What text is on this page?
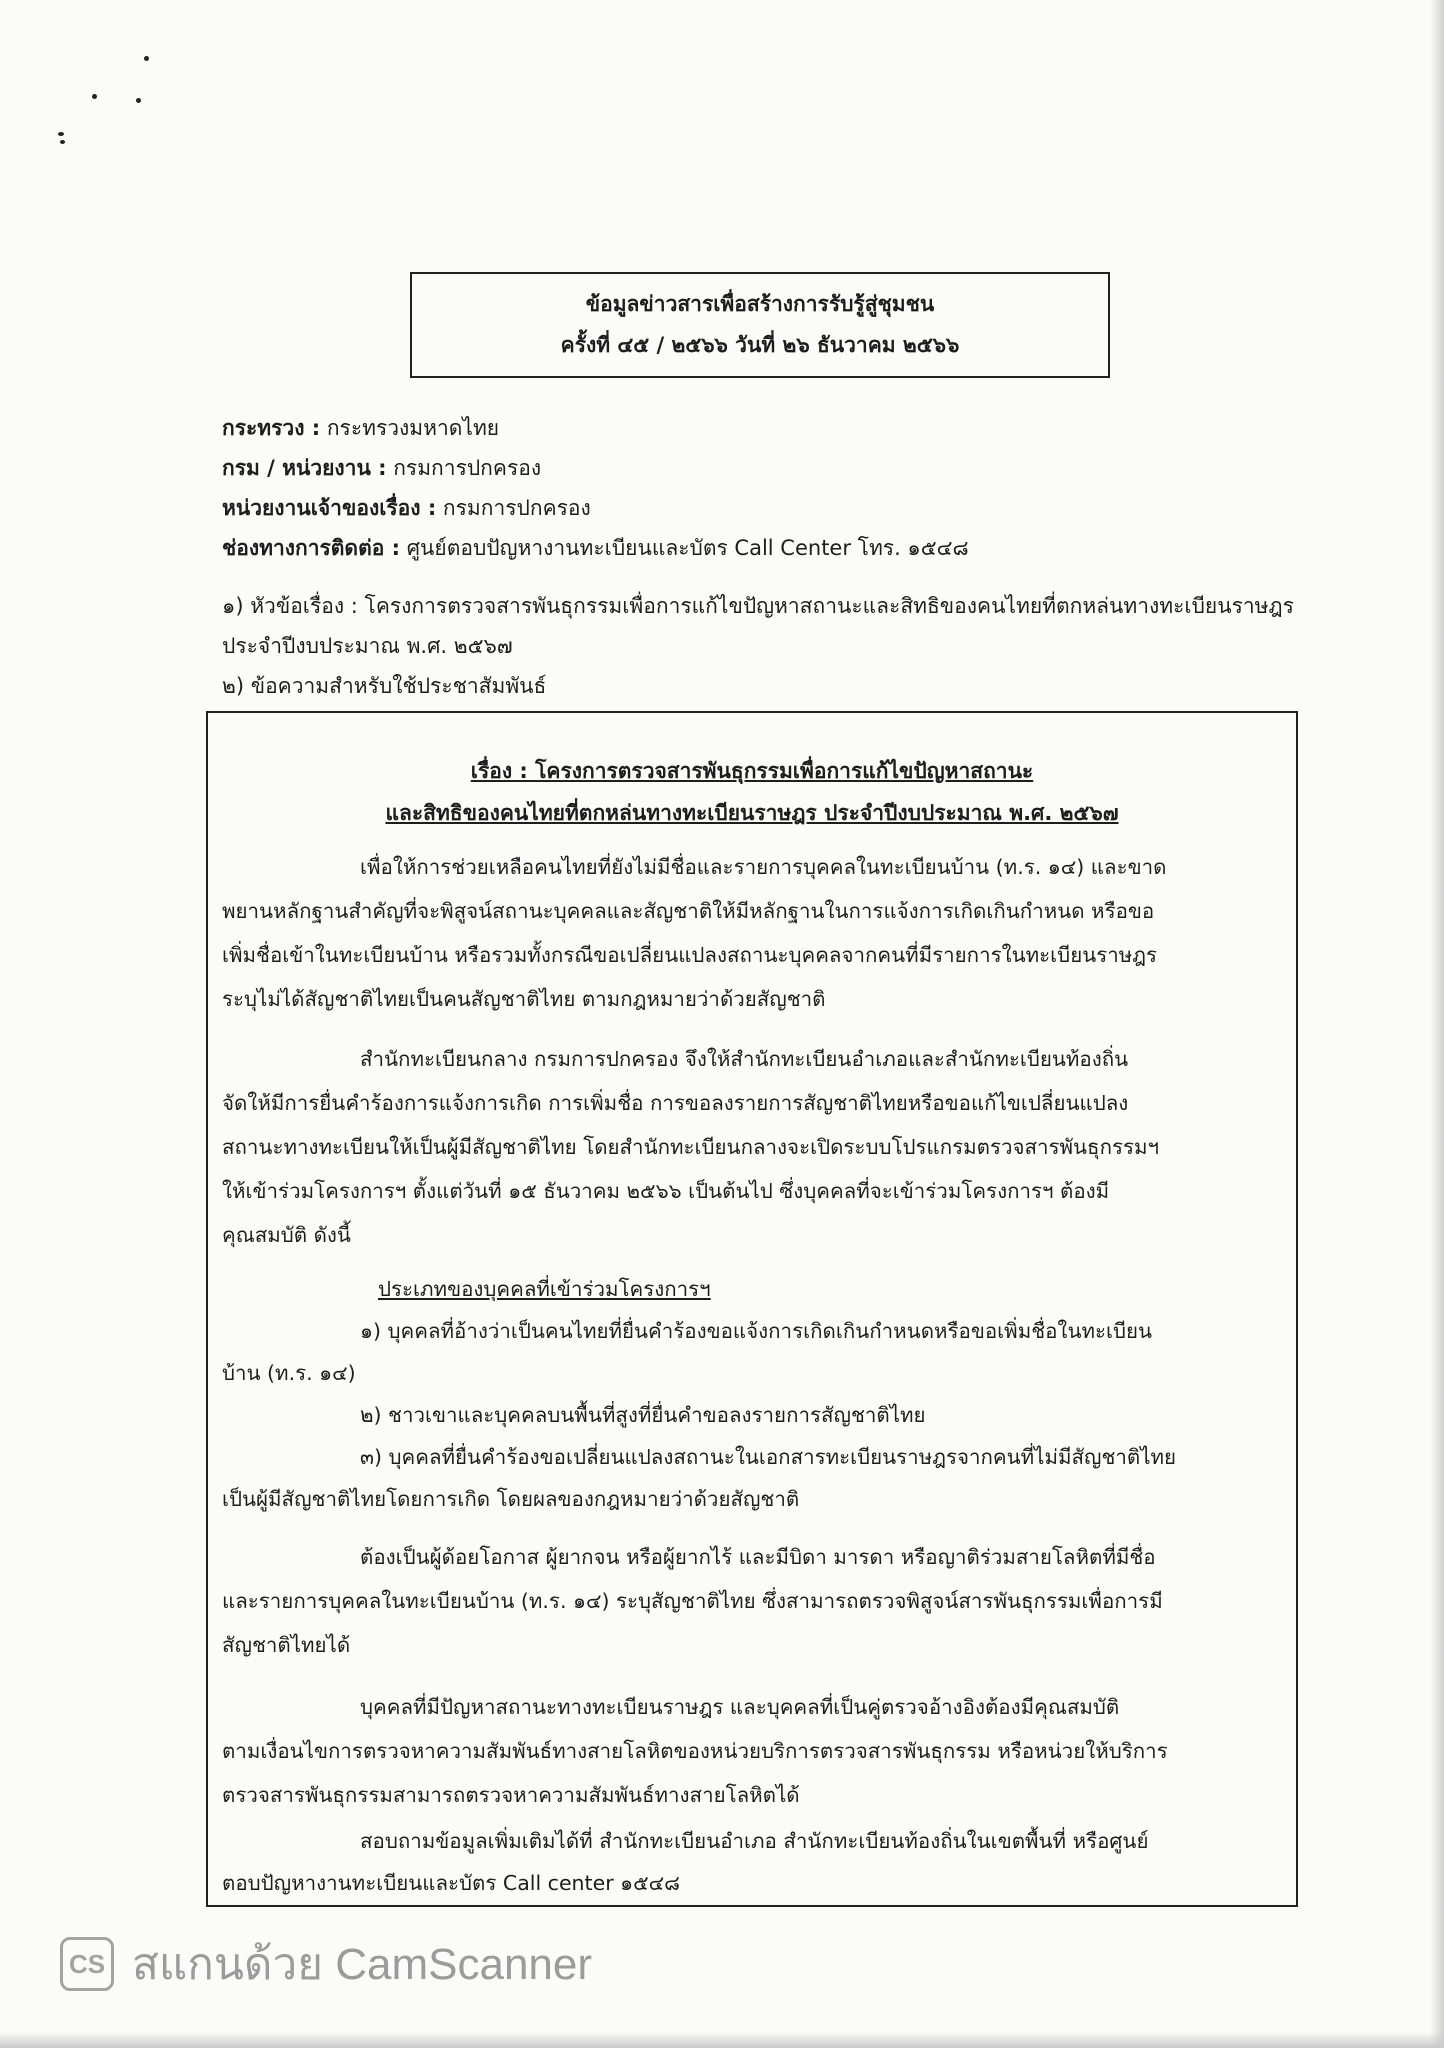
ข้อมูลข่าวสารเพื่อสร้างการรับรู้สู่ชุมชน
ครั้งที่ ๔๕ / ๒๕๖๖ วันที่ ๒๖ ธันวาคม ๒๕๖๖
กระทรวง : กระทรวงมหาดไทย
กรม / หน่วยงาน : กรมการปกครอง
หน่วยงานเจ้าของเรื่อง : กรมการปกครอง
ช่องทางการติดต่อ : ศูนย์ตอบปัญหางานทะเบียนและบัตร Call Center โทร. ๑๕๔๘
๑) หัวข้อเรื่อง : โครงการตรวจสารพันธุกรรมเพื่อการแก้ไขปัญหาสถานะและสิทธิของคนไทยที่ตกหล่นทางทะเบียนราษฎร
ประจำปีงบประมาณ พ.ศ. ๒๕๖๗
๒) ข้อความสำหรับใช้ประชาสัมพันธ์
เรื่อง : โครงการตรวจสารพันธุกรรมเพื่อการแก้ไขปัญหาสถานะ
และสิทธิของคนไทยที่ตกหล่นทางทะเบียนราษฎร ประจำปีงบประมาณ พ.ศ. ๒๕๖๗
เพื่อให้การช่วยเหลือคนไทยที่ยังไม่มีชื่อและรายการบุคคลในทะเบียนบ้าน (ท.ร. ๑๔) และขาด
พยานหลักฐานสำคัญที่จะพิสูจน์สถานะบุคคลและสัญชาติให้มีหลักฐานในการแจ้งการเกิดเกินกำหนด หรือขอ
เพิ่มชื่อเข้าในทะเบียนบ้าน หรือรวมทั้งกรณีขอเปลี่ยนแปลงสถานะบุคคลจากคนที่มีรายการในทะเบียนราษฎร
ระบุไม่ได้สัญชาติไทยเป็นคนสัญชาติไทย ตามกฎหมายว่าด้วยสัญชาติ
สำนักทะเบียนกลาง กรมการปกครอง จึงให้สำนักทะเบียนอำเภอและสำนักทะเบียนท้องถิ่น
จัดให้มีการยื่นคำร้องการแจ้งการเกิด การเพิ่มชื่อ การขอลงรายการสัญชาติไทยหรือขอแก้ไขเปลี่ยนแปลง
สถานะทางทะเบียนให้เป็นผู้มีสัญชาติไทย โดยสำนักทะเบียนกลางจะเปิดระบบโปรแกรมตรวจสารพันธุกรรมฯ
ให้เข้าร่วมโครงการฯ ตั้งแต่วันที่ ๑๕ ธันวาคม ๒๕๖๖ เป็นต้นไป ซึ่งบุคคลที่จะเข้าร่วมโครงการฯ ต้องมี
คุณสมบัติ ดังนี้
ประเภทของบุคคลที่เข้าร่วมโครงการฯ
๑) บุคคลที่อ้างว่าเป็นคนไทยที่ยื่นคำร้องขอแจ้งการเกิดเกินกำหนดหรือขอเพิ่มชื่อในทะเบียน
บ้าน (ท.ร. ๑๔)
๒) ชาวเขาและบุคคลบนพื้นที่สูงที่ยื่นคำขอลงรายการสัญชาติไทย
๓) บุคคลที่ยื่นคำร้องขอเปลี่ยนแปลงสถานะในเอกสารทะเบียนราษฎรจากคนที่ไม่มีสัญชาติไทย
เป็นผู้มีสัญชาติไทยโดยการเกิด โดยผลของกฎหมายว่าด้วยสัญชาติ
ต้องเป็นผู้ด้อยโอกาส ผู้ยากจน หรือผู้ยากไร้ และมีบิดา มารดา หรือญาติร่วมสายโลหิตที่มีชื่อ
และรายการบุคคลในทะเบียนบ้าน (ท.ร. ๑๔) ระบุสัญชาติไทย ซึ่งสามารถตรวจพิสูจน์สารพันธุกรรมเพื่อการมี
สัญชาติไทยได้
บุคคลที่มีปัญหาสถานะทางทะเบียนราษฎร และบุคคลที่เป็นคู่ตรวจอ้างอิงต้องมีคุณสมบัติ
ตามเงื่อนไขการตรวจหาความสัมพันธ์ทางสายโลหิตของหน่วยบริการตรวจสารพันธุกรรม หรือหน่วยให้บริการ
ตรวจสารพันธุกรรมสามารถตรวจหาความสัมพันธ์ทางสายโลหิตได้
สอบถามข้อมูลเพิ่มเติมได้ที่ สำนักทะเบียนอำเภอ สำนักทะเบียนท้องถิ่นในเขตพื้นที่ หรือศูนย์
ตอบปัญหางานทะเบียนและบัตร Call center ๑๕๔๘
CS สแกนด้วย CamScanner
